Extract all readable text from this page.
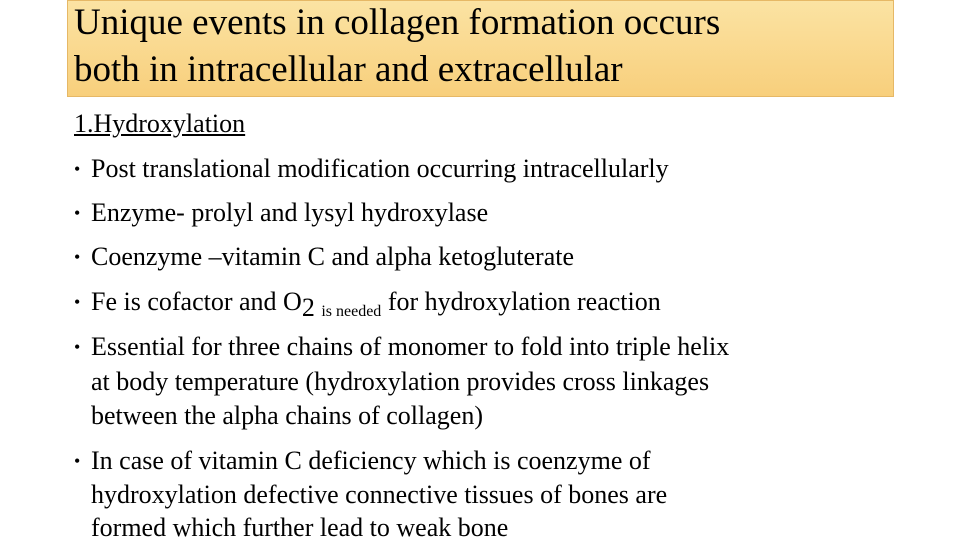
Unique events in collagen formation occurs
both in intracellular and extracellular
1.Hydroxylation
• Post translational modification occurring intracellularly
• Enzyme- prolyl and lysyl hydroxylase
• Coenzyme –vitamin C and alpha ketogluterate
• Fe is cofactor and O2 $_{is needed}$ for hydroxylation reaction
• Essential for three chains of monomer to fold into triple helix
at body temperature (hydroxylation provides cross linkages
between the alpha chains of collagen)
• In case of vitamin C deficiency which is coenzyme of
hydroxylation defective connective tissues of bones are
formed which further lead to weak bone
